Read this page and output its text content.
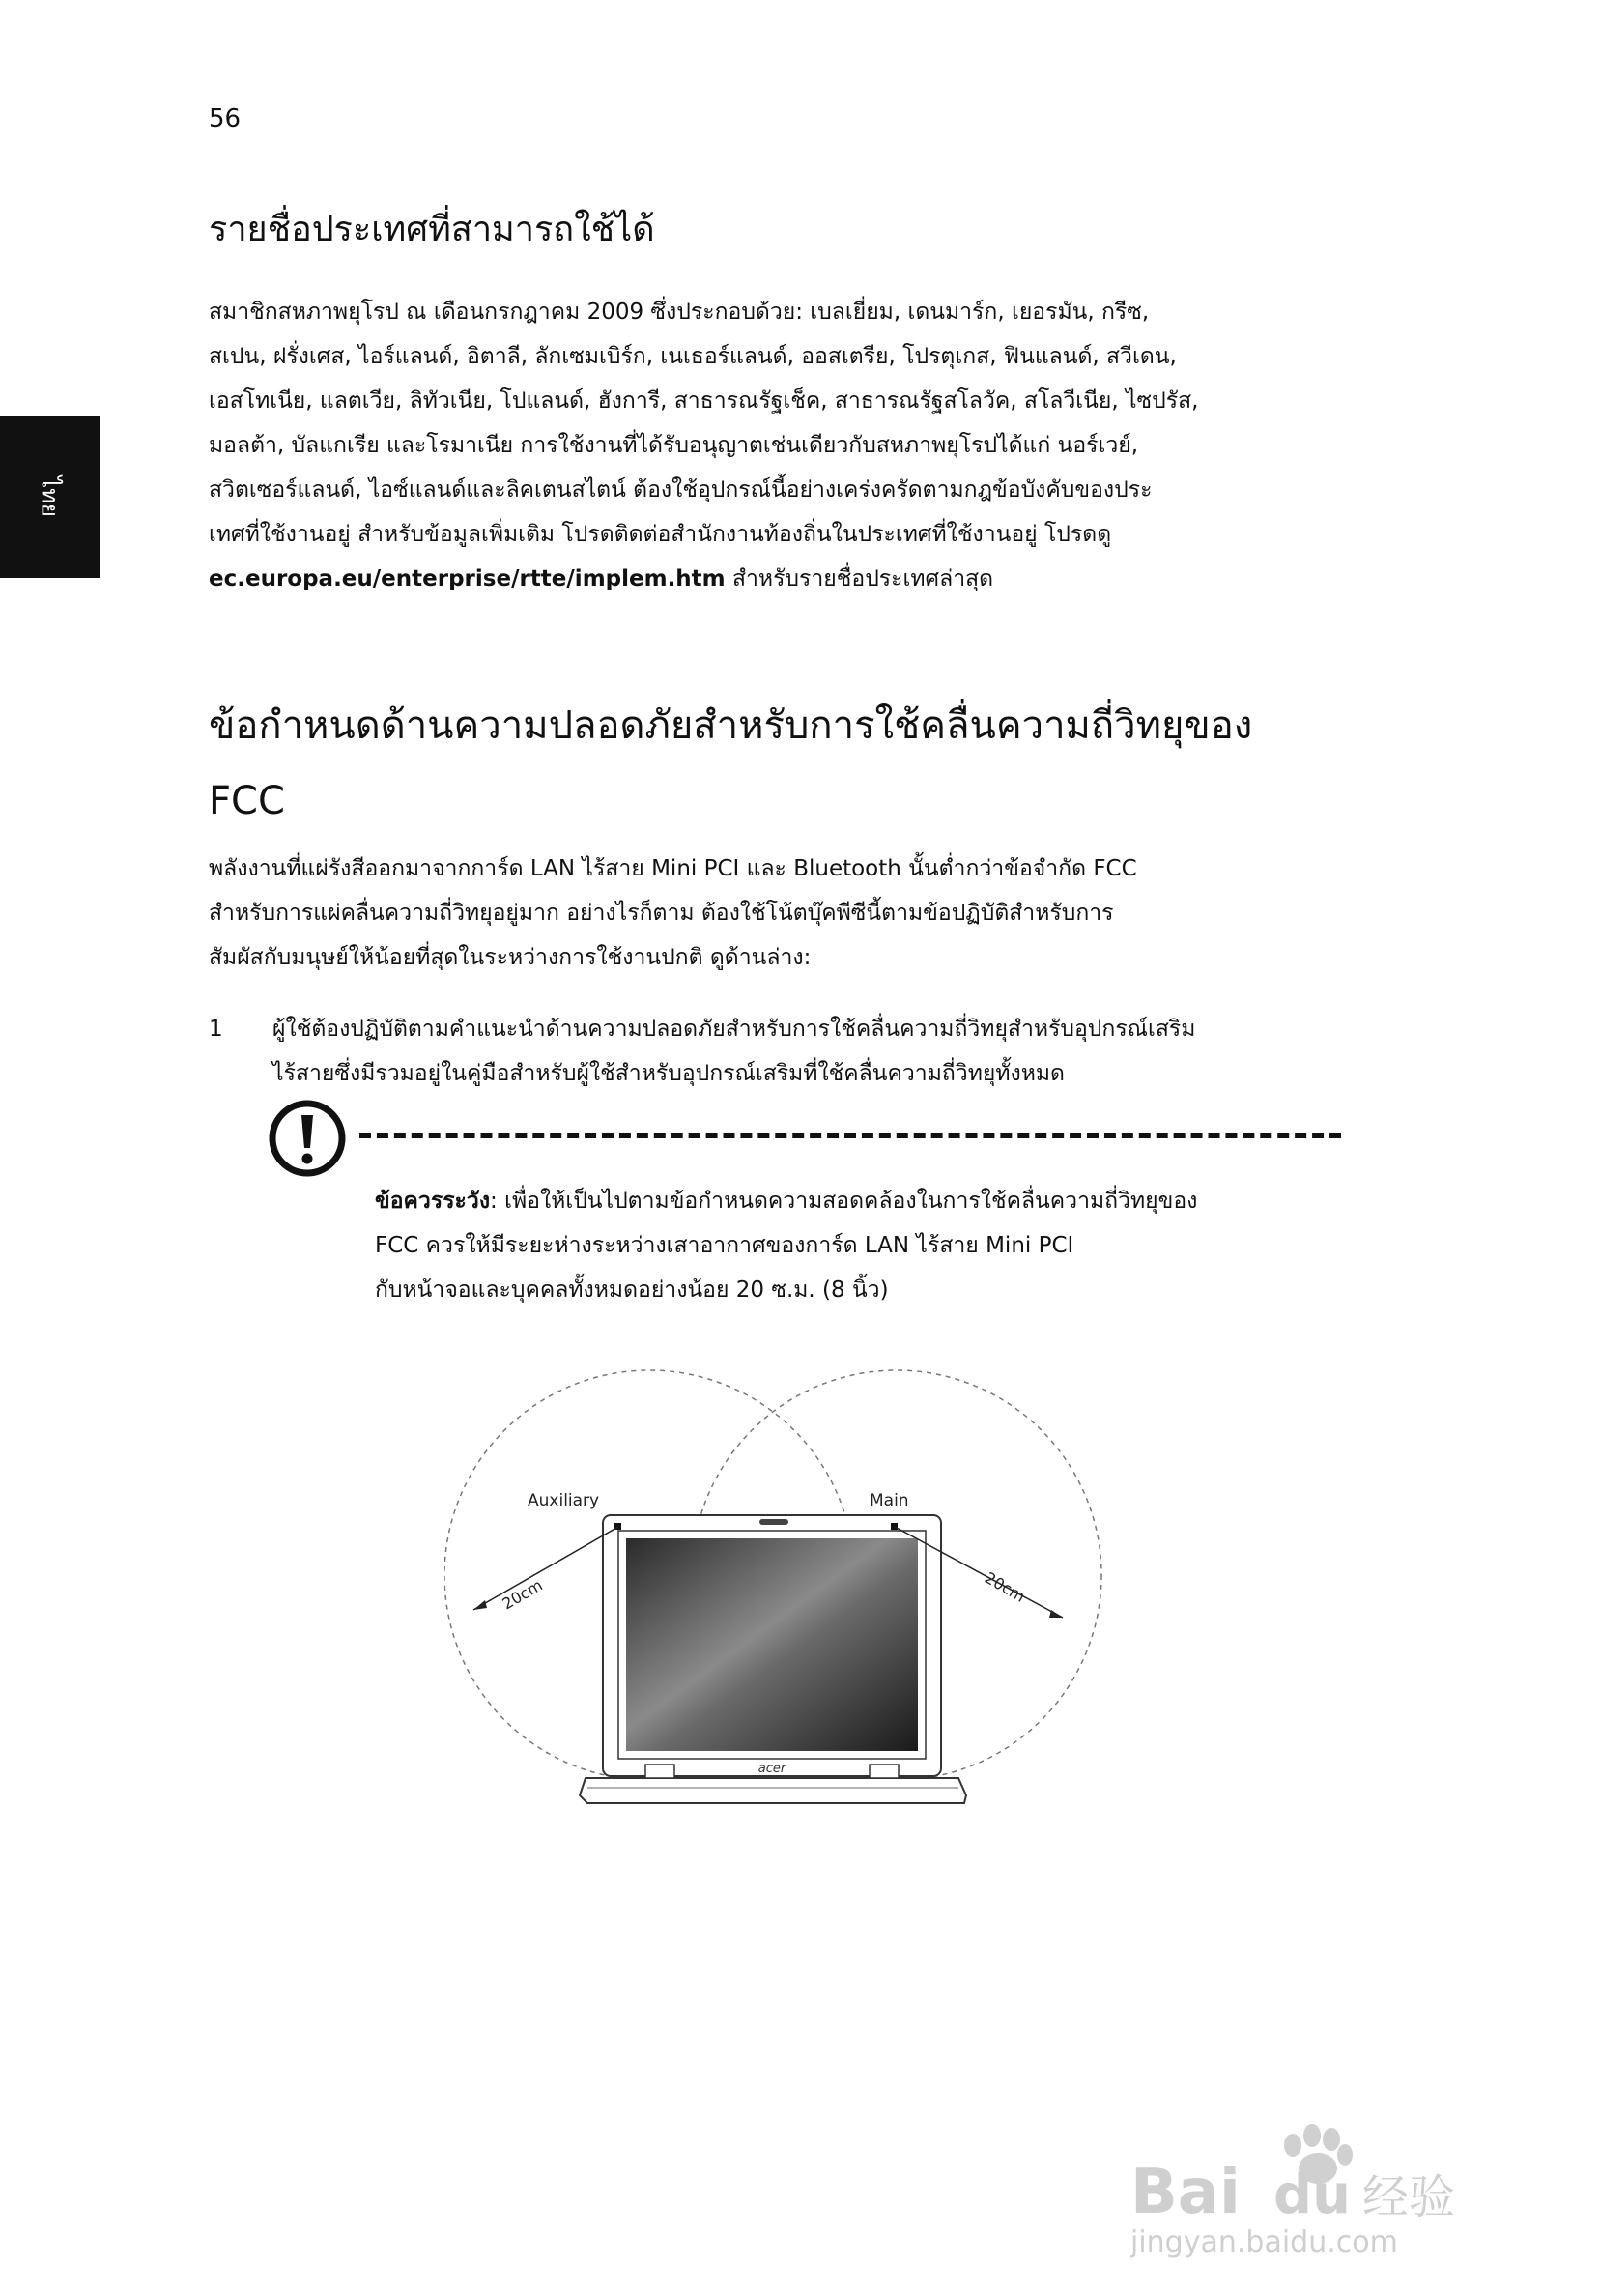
56
ไทย
รายชื่อประเทศที่สามารถใช้ได้
สมาชิกสหภาพยุโรป ณ เดือนกรกฎาคม 2009 ซึ่งประกอบด้วย: เบลเยี่ยม, เดนมาร์ก, เยอรมัน, กรีซ,
สเปน, ฝรั่งเศส, ไอร์แลนด์, อิตาลี, ลักเซมเบิร์ก, เนเธอร์แลนด์, ออสเตรีย, โปรตุเกส, ฟินแลนด์, สวีเดน,
เอสโทเนีย, แลตเวีย, ลิทัวเนีย, โปแลนด์, ฮังการี, สาธารณรัฐเช็ค, สาธารณรัฐสโลวัค, สโลวีเนีย, ไซปรัส,
มอลต้า, บัลแกเรีย และโรมาเนีย การใช้งานที่ได้รับอนุญาตเช่นเดียวกับสหภาพยุโรปได้แก่ นอร์เวย์,
สวิตเซอร์แลนด์, ไอซ์แลนด์และลิคเตนสไตน์ ต้องใช้อุปกรณ์นี้อย่างเคร่งครัดตามกฎข้อบังคับของประ
เทศที่ใช้งานอยู่ สำหรับข้อมูลเพิ่มเติม โปรดติดต่อสำนักงานท้องถิ่นในประเทศที่ใช้งานอยู่ โปรดดู
ec.europa.eu/enterprise/rtte/implem.htm สำหรับรายชื่อประเทศล่าสุด
ข้อกำหนดด้านความปลอดภัยสำหรับการใช้คลื่นความถี่วิทยุของ
FCC
พลังงานที่แผ่รังสีออกมาจากการ์ด LAN ไร้สาย Mini PCI และ Bluetooth นั้นต่ำกว่าข้อจำกัด FCC
สำหรับการแผ่คลื่นความถี่วิทยุอยู่มาก อย่างไรก็ตาม ต้องใช้โน้ตบุ๊คพีซีนี้ตามข้อปฏิบัติสำหรับการ
สัมผัสกับมนุษย์ให้น้อยที่สุดในระหว่างการใช้งานปกติ ดูด้านล่าง:
1 ผู้ใช้ต้องปฏิบัติตามคำแนะนำด้านความปลอดภัยสำหรับการใช้คลื่นความถี่วิทยุสำหรับอุปกรณ์เสริม
ไร้สายซึ่งมีรวมอยู่ในคู่มือสำหรับผู้ใช้สำหรับอุปกรณ์เสริมที่ใช้คลื่นความถี่วิทยุทั้งหมด
ข้อควรระวัง: เพื่อให้เป็นไปตามข้อกำหนดความสอดคล้องในการใช้คลื่นความถี่วิทยุของ
FCC ควรให้มีระยะห่างระหว่างเสาอากาศของการ์ด LAN ไร้สาย Mini PCI
กับหน้าจอและบุคคลทั้งหมดอย่างน้อย 20 ซ.ม. (8 นิ้ว)
acer
Auxiliary	Main
20cm	20cm
Bai du 经验
jingyan.baidu.com
